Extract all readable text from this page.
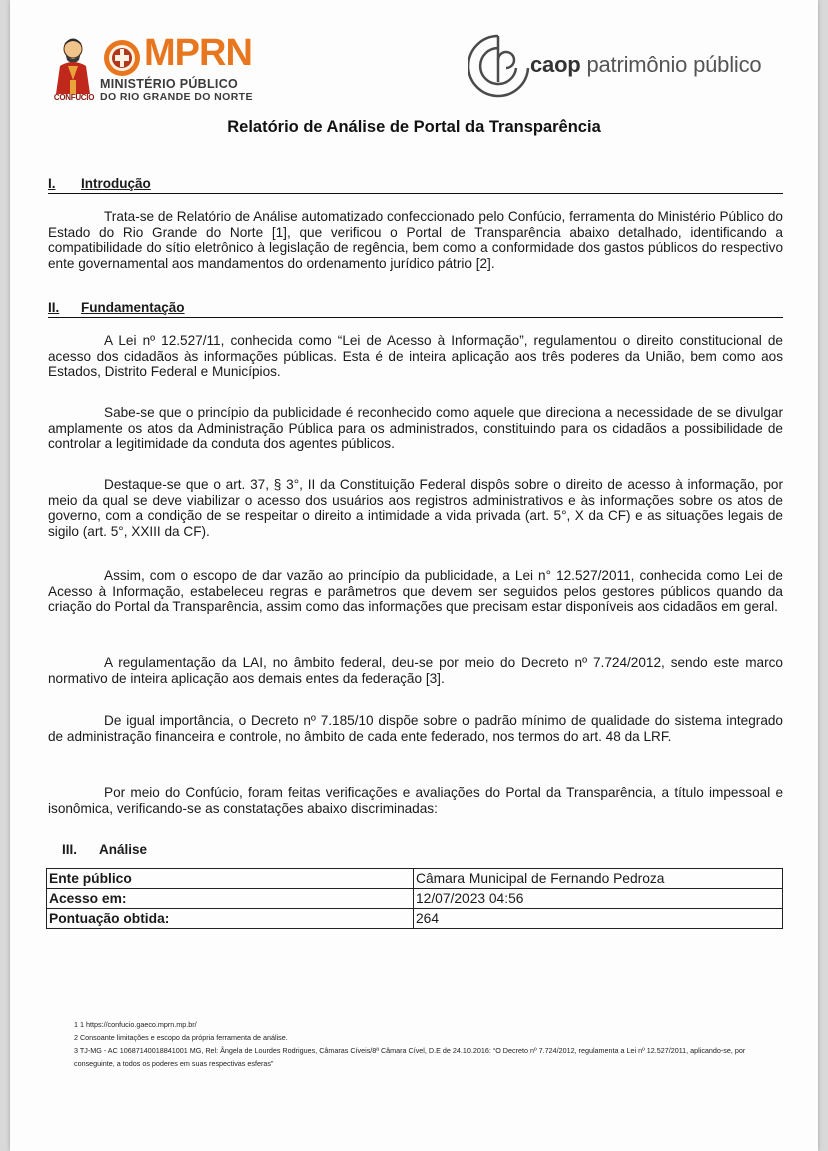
CONFÚCIO
MPRN
MINISTÉRIO PÚBLICO
DO RIO GRANDE DO NORTE
caop patrimônio público
Relatório de Análise de Portal da Transparência
I. Introdução
Trata-se de Relatório de Análise automatizado confeccionado pelo Confúcio, ferramenta do Ministério Público do Estado do Rio Grande do Norte [1], que verificou o Portal de Transparência abaixo detalhado, identificando a compatibilidade do sítio eletrônico à legislação de regência, bem como a conformidade dos gastos públicos do respectivo ente governamental aos mandamentos do ordenamento jurídico pátrio [2].
II. Fundamentação
A Lei nº 12.527/11, conhecida como “Lei de Acesso à Informação”, regulamentou o direito constitucional de acesso dos cidadãos às informações públicas. Esta é de inteira aplicação aos três poderes da União, bem como aos Estados, Distrito Federal e Municípios.
Sabe-se que o princípio da publicidade é reconhecido como aquele que direciona a necessidade de se divulgar amplamente os atos da Administração Pública para os administrados, constituindo para os cidadãos a possibilidade de controlar a legitimidade da conduta dos agentes públicos.
Destaque-se que o art. 37, § 3°, II da Constituição Federal dispôs sobre o direito de acesso à informação, por meio da qual se deve viabilizar o acesso dos usuários aos registros administrativos e às informações sobre os atos de governo, com a condição de se respeitar o direito a intimidade a vida privada (art. 5°, X da CF) e as situações legais de sigilo (art. 5°, XXIII da CF).
Assim, com o escopo de dar vazão ao princípio da publicidade, a Lei n° 12.527/2011, conhecida como Lei de Acesso à Informação, estabeleceu regras e parâmetros que devem ser seguidos pelos gestores públicos quando da criação do Portal da Transparência, assim como das informações que precisam estar disponíveis aos cidadãos em geral.
A regulamentação da LAI, no âmbito federal, deu-se por meio do Decreto nº 7.724/2012, sendo este marco normativo de inteira aplicação aos demais entes da federação [3].
De igual importância, o Decreto nº 7.185/10 dispõe sobre o padrão mínimo de qualidade do sistema integrado de administração financeira e controle, no âmbito de cada ente federado, nos termos do art. 48 da LRF.
Por meio do Confúcio, foram feitas verificações e avaliações do Portal da Transparência, a título impessoal e isonômica, verificando-se as constatações abaixo discriminadas:
III. Análise
Ente público	Câmara Municipal de Fernando Pedroza
Acesso em:	12/07/2023 04:56
Pontuação obtida:	264
1 1 https://confucio.gaeco.mprn.mp.br/
2 Consoante limitações e escopo da própria ferramenta de análise.
3 TJ-MG - AC 10687140018841001 MG, Rel: Ângela de Lourdes Rodrigues, Câmaras Cíveis/8ª Câmara Cível, D.E de 24.10.2016: “O Decreto nº 7.724/2012, regulamenta a Lei nº 12.527/2011, aplicando-se, por conseguinte, a todos os poderes em suas respectivas esferas”
